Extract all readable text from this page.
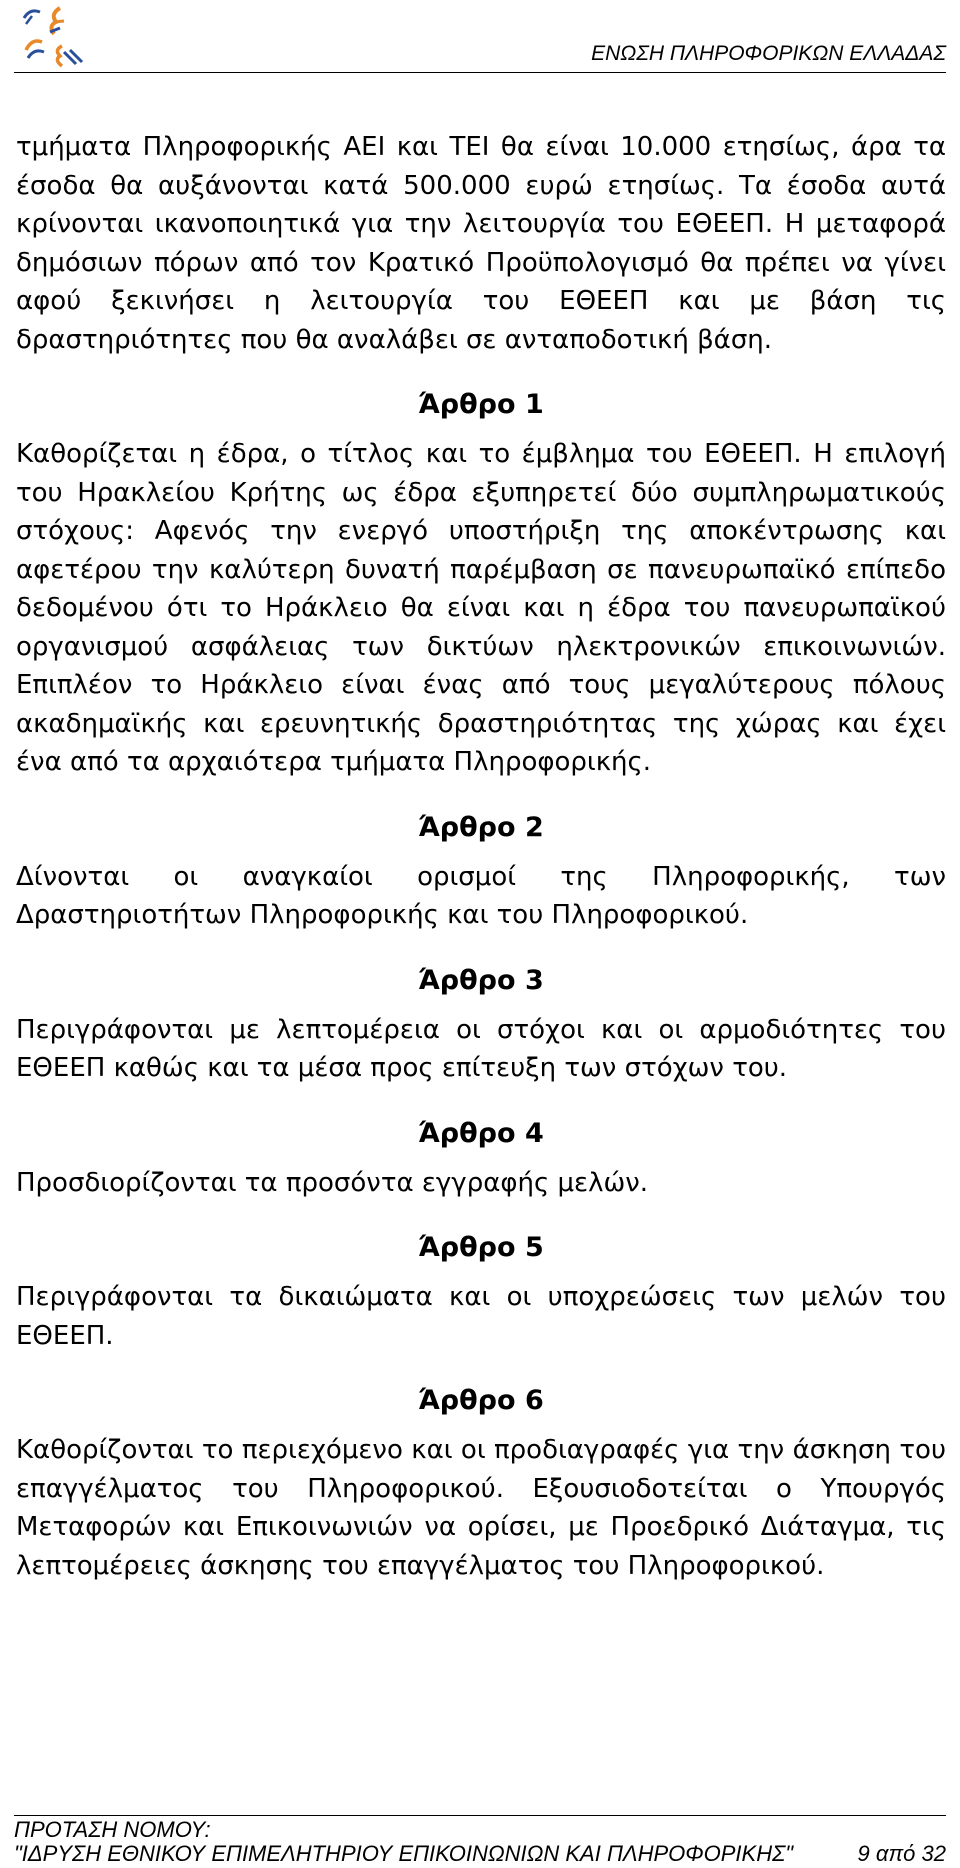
ΕΝΩΣΗ ΠΛΗΡΟΦΟΡΙΚΩΝ ΕΛΛΑΔΑΣ

τμήματα Πληροφορικής ΑΕΙ και ΤΕΙ θα είναι 10.000 ετησίως, άρα τα έσοδα θα αυξάνονται κατά 500.000 ευρώ ετησίως. Τα έσοδα αυτά κρίνονται ικανοποιητικά για την λειτουργία του ΕΘΕΕΠ. Η μεταφορά δημόσιων πόρων από τον Κρατικό Προϋπολογισμό θα πρέπει να γίνει αφού ξεκινήσει η λειτουργία του ΕΘΕΕΠ και με βάση τις δραστηριότητες που θα αναλάβει σε ανταποδοτική βάση.

Άρθρο 1

Καθορίζεται η έδρα, ο τίτλος και το έμβλημα του ΕΘΕΕΠ. Η επιλογή του Ηρακλείου Κρήτης ως έδρα εξυπηρετεί δύο συμπληρωματικούς στόχους: Αφενός την ενεργό υποστήριξη της αποκέντρωσης και αφετέρου την καλύτερη δυνατή παρέμβαση σε πανευρωπαϊκό επίπεδο δεδομένου ότι το Ηράκλειο θα είναι και η έδρα του πανευρωπαϊκού οργανισμού ασφάλειας των δικτύων ηλεκτρονικών επικοινωνιών. Επιπλέον το Ηράκλειο είναι ένας από τους μεγαλύτερους πόλους ακαδημαϊκής και ερευνητικής δραστηριότητας της χώρας και έχει ένα από τα αρχαιότερα τμήματα Πληροφορικής.

Άρθρο 2

Δίνονται οι αναγκαίοι ορισμοί της Πληροφορικής, των Δραστηριοτήτων Πληροφορικής και του Πληροφορικού.

Άρθρο 3

Περιγράφονται με λεπτομέρεια οι στόχοι και οι αρμοδιότητες του ΕΘΕΕΠ καθώς και τα μέσα προς επίτευξη των στόχων του.

Άρθρο 4

Προσδιορίζονται τα προσόντα εγγραφής μελών.

Άρθρο 5

Περιγράφονται τα δικαιώματα και οι υποχρεώσεις των μελών του ΕΘΕΕΠ.

Άρθρο 6

Καθορίζονται το περιεχόμενο και οι προδιαγραφές για την άσκηση του επαγγέλματος του Πληροφορικού. Εξουσιοδοτείται ο Υπουργός Μεταφορών και Επικοινωνιών να ορίσει, με Προεδρικό Διάταγμα, τις λεπτομέρειες άσκησης του επαγγέλματος του Πληροφορικού.

ΠΡΟΤΑΣΗ ΝΟΜΟΥ:
"ΙΔΡΥΣΗ ΕΘΝΙΚΟΥ ΕΠΙΜΕΛΗΤΗΡΙΟΥ ΕΠΙΚΟΙΝΩΝΙΩΝ ΚΑΙ ΠΛΗΡΟΦΟΡΙΚΗΣ"	9 από 32
